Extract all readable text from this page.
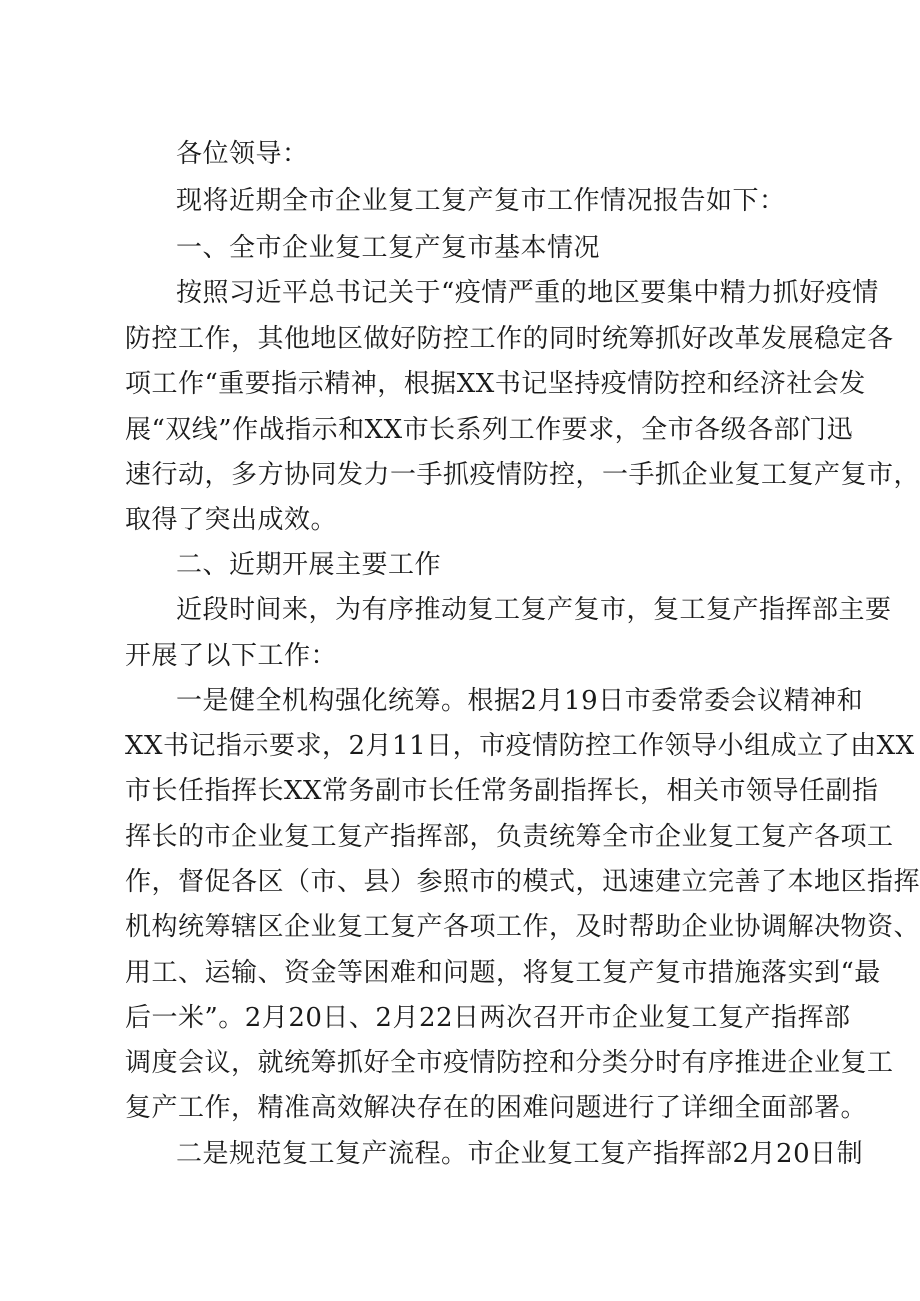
各位领导：
现将近期全市企业复工复产复市工作情况报告如下：
一、全市企业复工复产复市基本情况
按照习近平总书记关于“疫情严重的地区要集中精力抓好疫情
防控工作，其他地区做好防控工作的同时统筹抓好改革发展稳定各
项工作“重要指示精神，根据XX书记坚持疫情防控和经济社会发
展“双线”作战指示和XX市长系列工作要求，全市各级各部门迅
速行动，多方协同发力一手抓疫情防控，一手抓企业复工复产复市，
取得了突出成效。
二、近期开展主要工作
近段时间来，为有序推动复工复产复市，复工复产指挥部主要
开展了以下工作：
一是健全机构强化统筹。根据2月19日市委常委会议精神和
XX书记指示要求，2月11日，市疫情防控工作领导小组成立了由XX
市长任指挥长XX常务副市长任常务副指挥长，相关市领导任副指
挥长的市企业复工复产指挥部，负责统筹全市企业复工复产各项工
作，督促各区（市、县）参照市的模式，迅速建立完善了本地区指挥
机构统筹辖区企业复工复产各项工作，及时帮助企业协调解决物资、
用工、运输、资金等困难和问题，将复工复产复市措施落实到“最
后一米”。2月20日、2月22日两次召开市企业复工复产指挥部
调度会议，就统筹抓好全市疫情防控和分类分时有序推进企业复工
复产工作，精准高效解决存在的困难问题进行了详细全面部署。
二是规范复工复产流程。市企业复工复产指挥部2月20日制
